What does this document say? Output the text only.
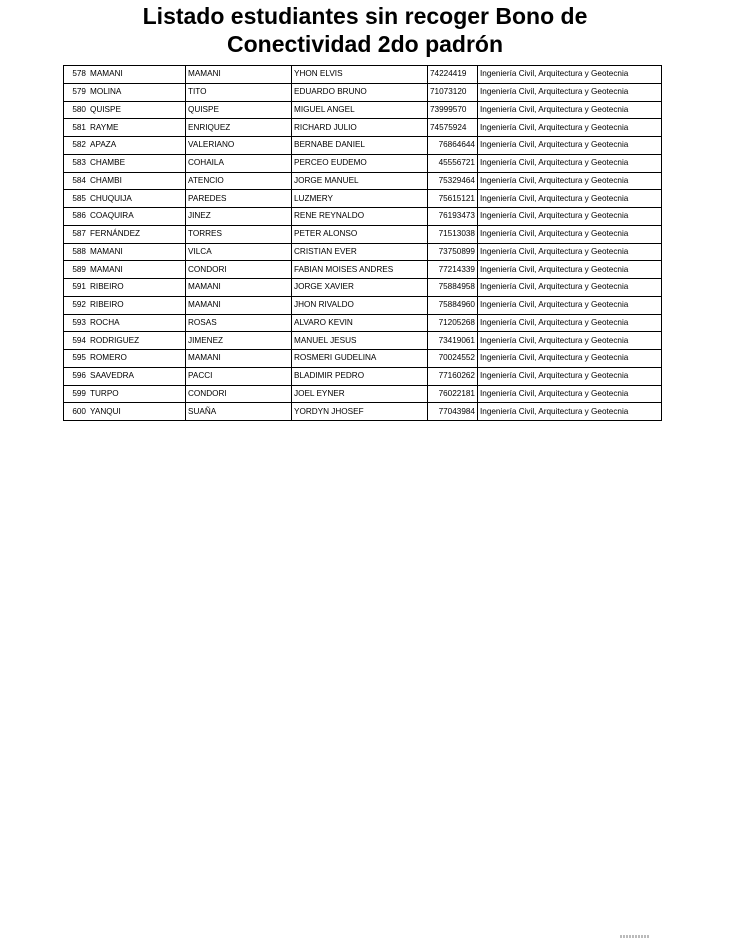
Listado estudiantes sin recoger Bono de
Conectividad 2do padrón
578	MAMANI	MAMANI	YHON ELVIS	74224419	Ingeniería Civil, Arquitectura y Geotecnia
579	MOLINA	TITO	EDUARDO BRUNO	71073120	Ingeniería Civil, Arquitectura y Geotecnia
580	QUISPE	QUISPE	MIGUEL ANGEL	73999570	Ingeniería Civil, Arquitectura y Geotecnia
581	RAYME	ENRIQUEZ	RICHARD JULIO	74575924	Ingeniería Civil, Arquitectura y Geotecnia
582	APAZA	VALERIANO	BERNABE DANIEL	76864644	Ingeniería Civil, Arquitectura y Geotecnia
583	CHAMBE	COHAILA	PERCEO EUDEMO	45556721	Ingeniería Civil, Arquitectura y Geotecnia
584	CHAMBI	ATENCIO	JORGE MANUEL	75329464	Ingeniería Civil, Arquitectura y Geotecnia
585	CHUQUIJA	PAREDES	LUZMERY	75615121	Ingeniería Civil, Arquitectura y Geotecnia
586	COAQUIRA	JINEZ	RENE REYNALDO	76193473	Ingeniería Civil, Arquitectura y Geotecnia
587	FERNÁNDEZ	TORRES	PETER ALONSO	71513038	Ingeniería Civil, Arquitectura y Geotecnia
588	MAMANI	VILCA	CRISTIAN EVER	73750899	Ingeniería Civil, Arquitectura y Geotecnia
589	MAMANI	CONDORI	FABIAN MOISES ANDRES	77214339	Ingeniería Civil, Arquitectura y Geotecnia
591	RIBEIRO	MAMANI	JORGE XAVIER	75884958	Ingeniería Civil, Arquitectura y Geotecnia
592	RIBEIRO	MAMANI	JHON RIVALDO	75884960	Ingeniería Civil, Arquitectura y Geotecnia
593	ROCHA	ROSAS	ALVARO KEVIN	71205268	Ingeniería Civil, Arquitectura y Geotecnia
594	RODRIGUEZ	JIMENEZ	MANUEL JESUS	73419061	Ingeniería Civil, Arquitectura y Geotecnia
595	ROMERO	MAMANI	ROSMERI GUDELINA	70024552	Ingeniería Civil, Arquitectura y Geotecnia
596	SAAVEDRA	PACCI	BLADIMIR PEDRO	77160262	Ingeniería Civil, Arquitectura y Geotecnia
599	TURPO	CONDORI	JOEL EYNER	76022181	Ingeniería Civil, Arquitectura y Geotecnia
600	YANQUI	SUAÑA	YORDYN JHOSEF	77043984	Ingeniería Civil, Arquitectura y Geotecnia
